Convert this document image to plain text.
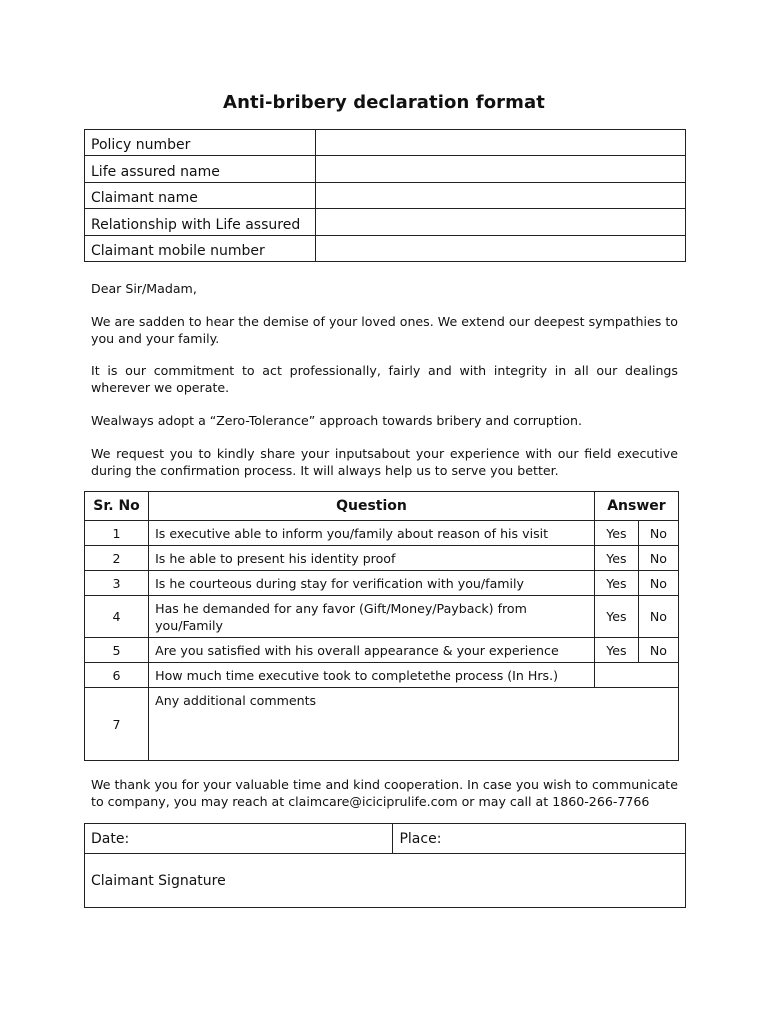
Anti-bribery declaration format
Policy number	
Life assured name	
Claimant name	
Relationship with Life assured	
Claimant mobile number	
Dear Sir/Madam,
We are sadden to hear the demise of your loved ones. We extend our deepest sympathies to you and your family.
It is our commitment to act professionally, fairly and with integrity in all our dealings wherever we operate.
Wealways adopt a “Zero-Tolerance” approach towards bribery and corruption.
We request you to kindly share your inputsabout your experience with our field executive during the confirmation process. It will always help us to serve you better.
Sr. No	Question	Answer	
1	Is executive able to inform you/family about reason of his visit	Yes	No
2	Is he able to present his identity proof	Yes	No
3	Is he courteous during stay for verification with you/family	Yes	No
4	Has he demanded for any favor (Gift/Money/Payback) from you/Family	Yes	No
5	Are you satisfied with his overall appearance & your experience	Yes	No
6	How much time executive took to completethe process (In Hrs.)		
7	Any additional comments		
We thank you for your valuable time and kind cooperation. In case you wish to communicate to company, you may reach at claimcare@iciciprulife.com or may call at 1860-266-7766
Date:	Place:
Claimant Signature
